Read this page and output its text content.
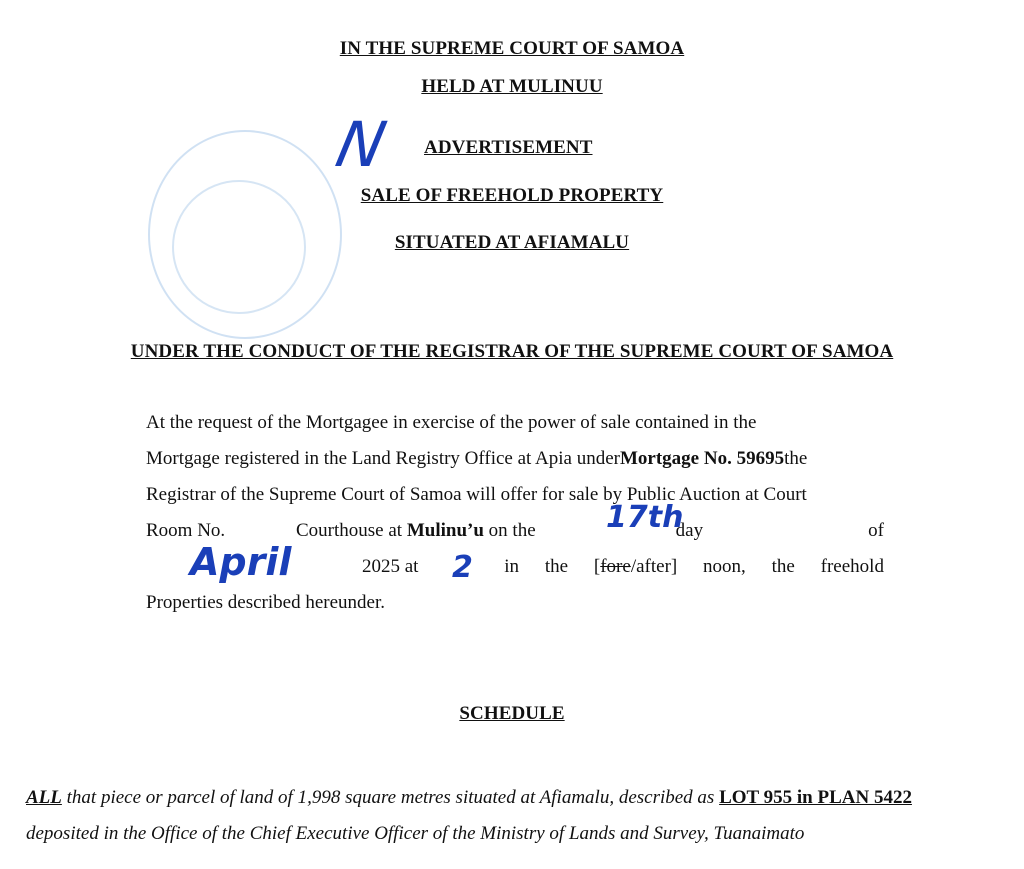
N
IN THE SUPREME COURT OF SAMOA
HELD AT MULINUU
ADVERTISEMENT
SALE OF FREEHOLD PROPERTY
SITUATED AT AFIAMALU
UNDER THE CONDUCT OF THE REGISTRAR OF THE SUPREME COURT OF SAMOA
At the request of the Mortgagee in exercise of the power of sale contained in the
Mortgage registered in the Land Registry Office at Apia under Mortgage No. 59695 the
Registrar of the Supreme Court of Samoa will offer for sale by Public Auction at Court
Room No.	Courthouse at Mulinu’u on the	day	of
2025 at	in the [fore/after] noon, the freehold
Properties described hereunder.
17th
April	2
SCHEDULE
ALL that piece or parcel of land of 1,998 square metres situated at Afiamalu, described as LOT 955 in PLAN 5422
deposited in the Office of the Chief Executive Officer of the Ministry of Lands and Survey, Tuanaimato
